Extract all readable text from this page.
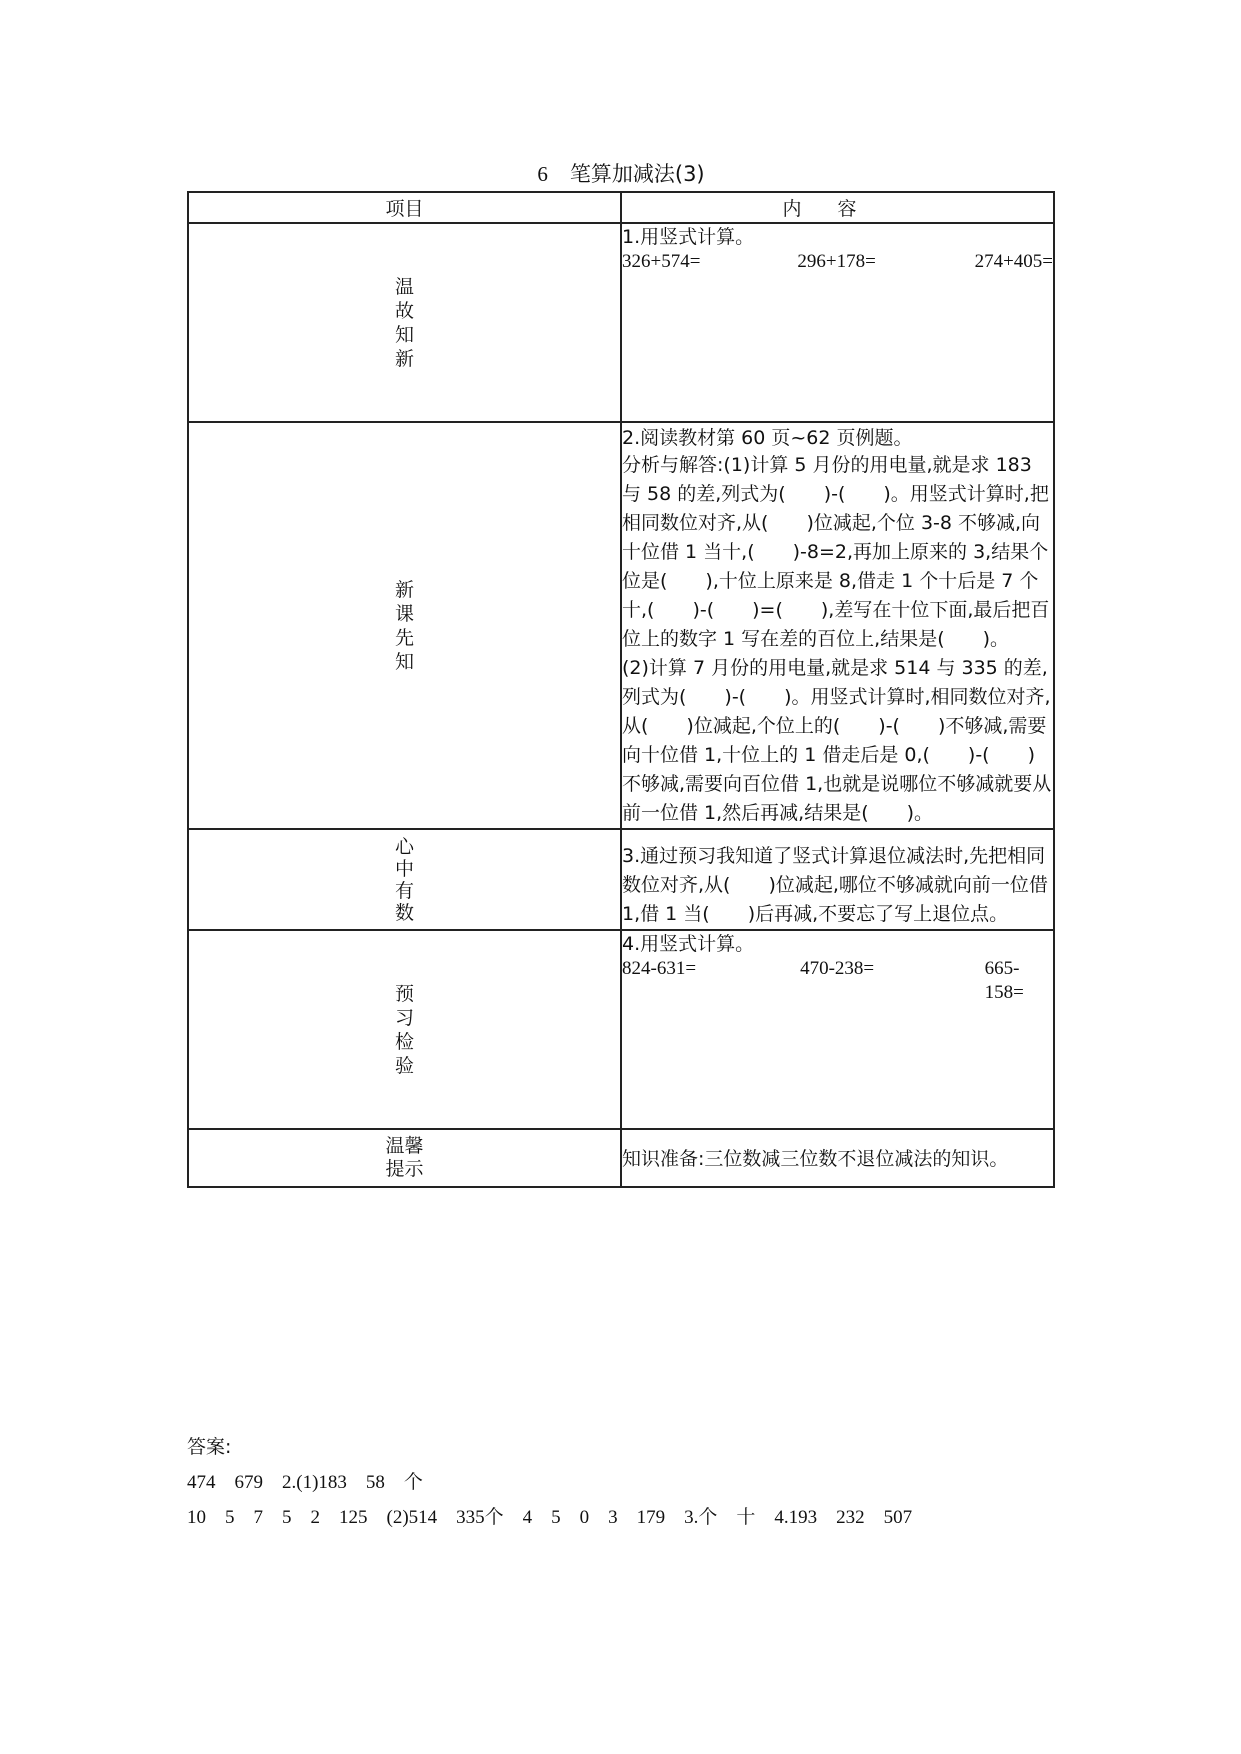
6 笔算加减法(3)
项目	内容

温故知新	1.用竖式计算。
326+574= 296+178= 274+405=

新课先知	2.阅读教材第 60 页~62 页例题。

分析与解答:(1)计算 5 月份的用电量,就是求 183 与 58 的差,列式为(　　)-(　　)。用竖式计算时,把相同数位对齐,从(　　)位减起,个位 3-8 不够减,向十位借 1 当十,(　　)-8=2,再加上原来的 3,结果个位是(　　),十位上原来是 8,借走 1 个十后是 7 个十,(　　)-(　　)=(　　),差写在十位下面,最后把百位上的数字 1 写在差的百位上,结果是(　　)。

(2)计算 7 月份的用电量,就是求 514 与 335 的差,列式为(　　)-(　　)。用竖式计算时,相同数位对齐,从(　　)位减起,个位上的(　　)-(　　)不够减,需要向十位借 1,十位上的 1 借走后是 0,(　　)-(　　)不够减,需要向百位借 1,也就是说哪位不够减就要从前一位借 1,然后再减,结果是(　　)。

心中有数	3.通过预习我知道了竖式计算退位减法时,先把相同数位对齐,从(　　)位减起,哪位不够减就向前一位借 1,借 1 当(　　)后再减,不要忘了写上退位点。

预习检验	4.用竖式计算。
824-631= 470-238= 665-158=

温馨提示	知识准备:三位数减三位数不退位减法的知识。

答案:
474    679    2.(1)183    58    个
10    5    7    5    2    125    (2)514    335个    4    5    0    3    179    3.个    十    4.193    232    507
